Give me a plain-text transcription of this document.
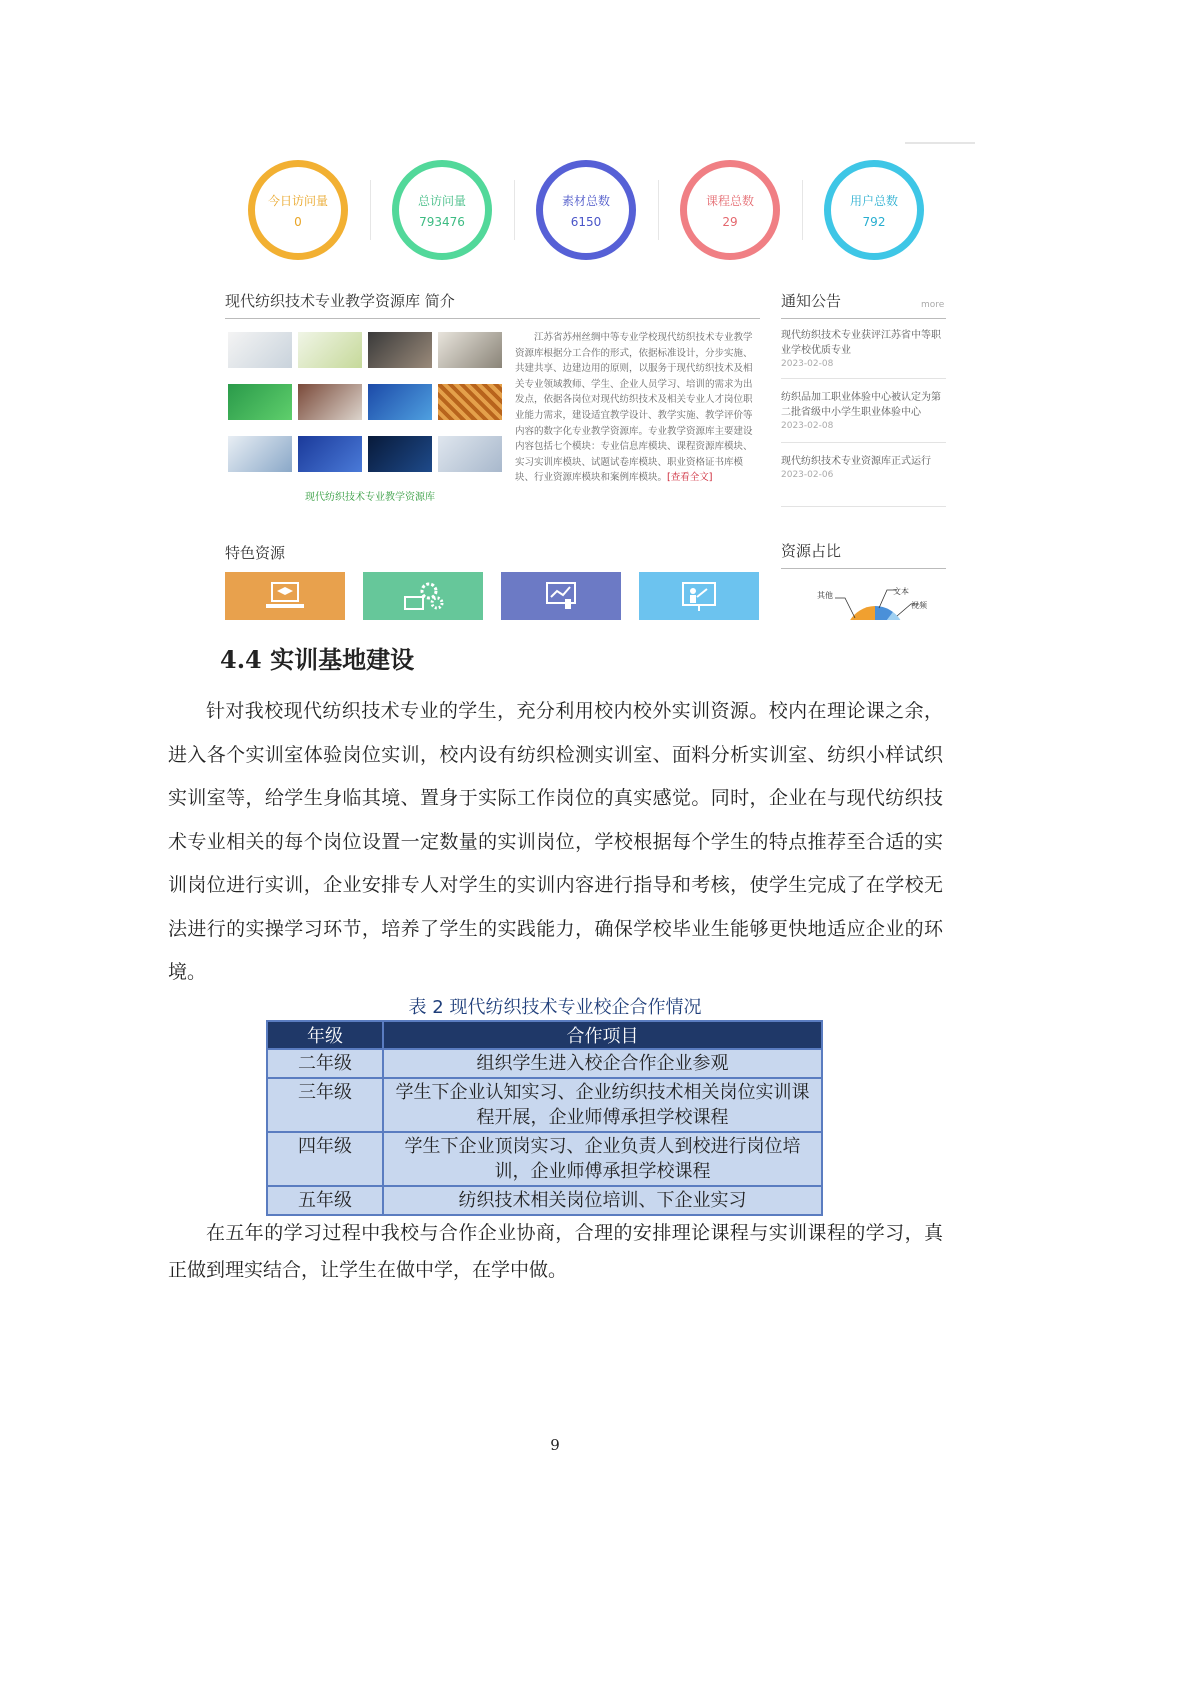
今日访问量
0
总访问量
793476
素材总数
6150
课程总数
29
用户总数
792
现代纺织技术专业教学资源库 简介
现代纺织技术专业教学资源库

江苏省苏州丝绸中等专业学校现代纺织技术专业教学资源库根据分工合作的形式，依据标准设计，分步实施、共建共享、边建边用的原则，以服务于现代纺织技术及相关专业领域教师、学生、企业人员学习、培训的需求为出发点，依据各岗位对现代纺织技术及相关专业人才岗位职业能力需求，建设适宜教学设计、教学实施、教学评价等内容的数字化专业教学资源库。专业教学资源库主要建设内容包括七个模块：专业信息库模块、课程资源库模块、实习实训库模块、试题试卷库模块、职业资格证书库模块、行业资源库模块和案例库模块。[查看全文]

通知公告	more
现代纺织技术专业获评江苏省中等职业学校优质专业
2023-02-08
纺织品加工职业体验中心被认定为第二批省级中小学生职业体验中心
2023-02-08
现代纺织技术专业资源库正式运行
2023-02-06
特色资源	资源占比
其他	文本
视频
4.4 实训基地建设

针对我校现代纺织技术专业的学生，充分利用校内校外实训资源。校内在理论课之余，进入各个实训室体验岗位实训，校内设有纺织检测实训室、面料分析实训室、纺织小样试织实训室等，给学生身临其境、置身于实际工作岗位的真实感觉。同时，企业在与现代纺织技术专业相关的每个岗位设置一定数量的实训岗位，学校根据每个学生的特点推荐至合适的实训岗位进行实训，企业安排专人对学生的实训内容进行指导和考核，使学生完成了在学校无法进行的实操学习环节，培养了学生的实践能力，确保学校毕业生能够更快地适应企业的环境。

表 2 现代纺织技术专业校企合作情况

年级	合作项目
二年级	组织学生进入校企合作企业参观
三年级	学生下企业认知实习、企业纺织技术相关岗位实训课程开展，企业师傅承担学校课程
四年级	学生下企业顶岗实习、企业负责人到校进行岗位培训，企业师傅承担学校课程
五年级	纺织技术相关岗位培训、下企业实习

在五年的学习过程中我校与合作企业协商，合理的安排理论课程与实训课程的学习，真正做到理实结合，让学生在做中学，在学中做。

9
